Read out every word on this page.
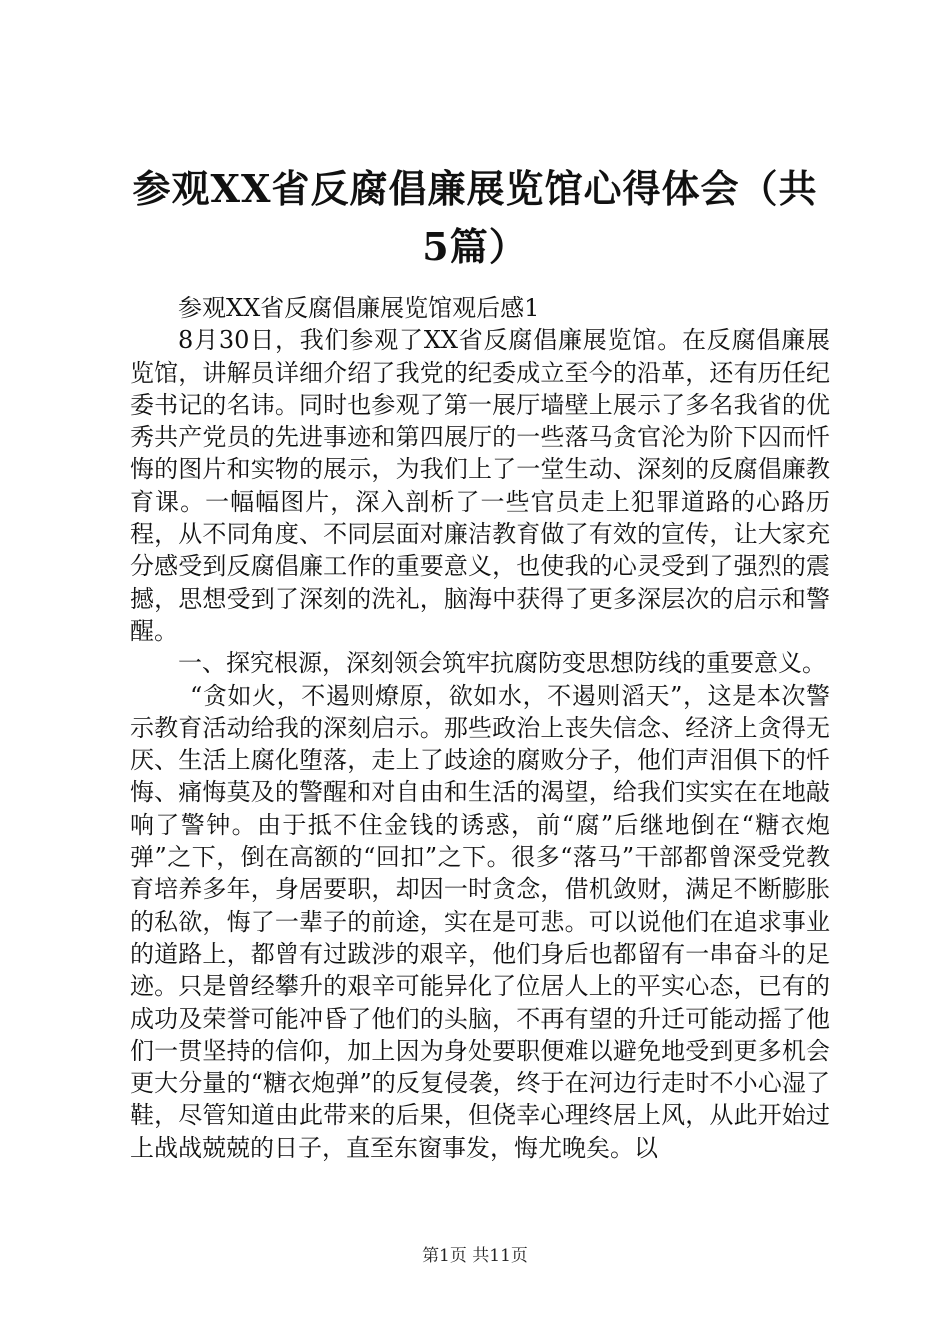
参观XX省反腐倡廉展览馆心得体会（共5篇）

参观XX省反腐倡廉展览馆观后感1

8月30日，我们参观了XX省反腐倡廉展览馆。在反腐倡廉展览馆，讲解员详细介绍了我党的纪委成立至今的沿革，还有历任纪委书记的名讳。同时也参观了第一展厅墙壁上展示了多名我省的优秀共产党员的先进事迹和第四展厅的一些落马贪官沦为阶下囚而忏悔的图片和实物的展示，为我们上了一堂生动、深刻的反腐倡廉教育课。一幅幅图片，深入剖析了一些官员走上犯罪道路的心路历程，从不同角度、不同层面对廉洁教育做了有效的宣传，让大家充分感受到反腐倡廉工作的重要意义，也使我的心灵受到了强烈的震撼，思想受到了深刻的洗礼，脑海中获得了更多深层次的启示和警醒。

一、探究根源，深刻领会筑牢抗腐防变思想防线的重要意义。

“贪如火，不遏则燎原，欲如水，不遏则滔天”，这是本次警示教育活动给我的深刻启示。那些政治上丧失信念、经济上贪得无厌、生活上腐化堕落，走上了歧途的腐败分子，他们声泪俱下的忏悔、痛悔莫及的警醒和对自由和生活的渴望，给我们实实在在地敲响了警钟。由于抵不住金钱的诱惑，前“腐”后继地倒在“糖衣炮弹”之下，倒在高额的“回扣”之下。很多“落马”干部都曾深受党教育培养多年，身居要职，却因一时贪念，借机敛财，满足不断膨胀的私欲，悔了一辈子的前途，实在是可悲。可以说他们在追求事业的道路上，都曾有过跋涉的艰辛，他们身后也都留有一串奋斗的足迹。只是曾经攀升的艰辛可能异化了位居人上的平实心态，已有的成功及荣誉可能冲昏了他们的头脑，不再有望的升迁可能动摇了他们一贯坚持的信仰，加上因为身处要职便难以避免地受到更多机会更大分量的“糖衣炮弹”的反复侵袭，终于在河边行走时不小心湿了鞋，尽管知道由此带来的后果，但侥幸心理终居上风，从此开始过上战战兢兢的日子，直至东窗事发，悔尤晚矣。以

第1页 共11页
